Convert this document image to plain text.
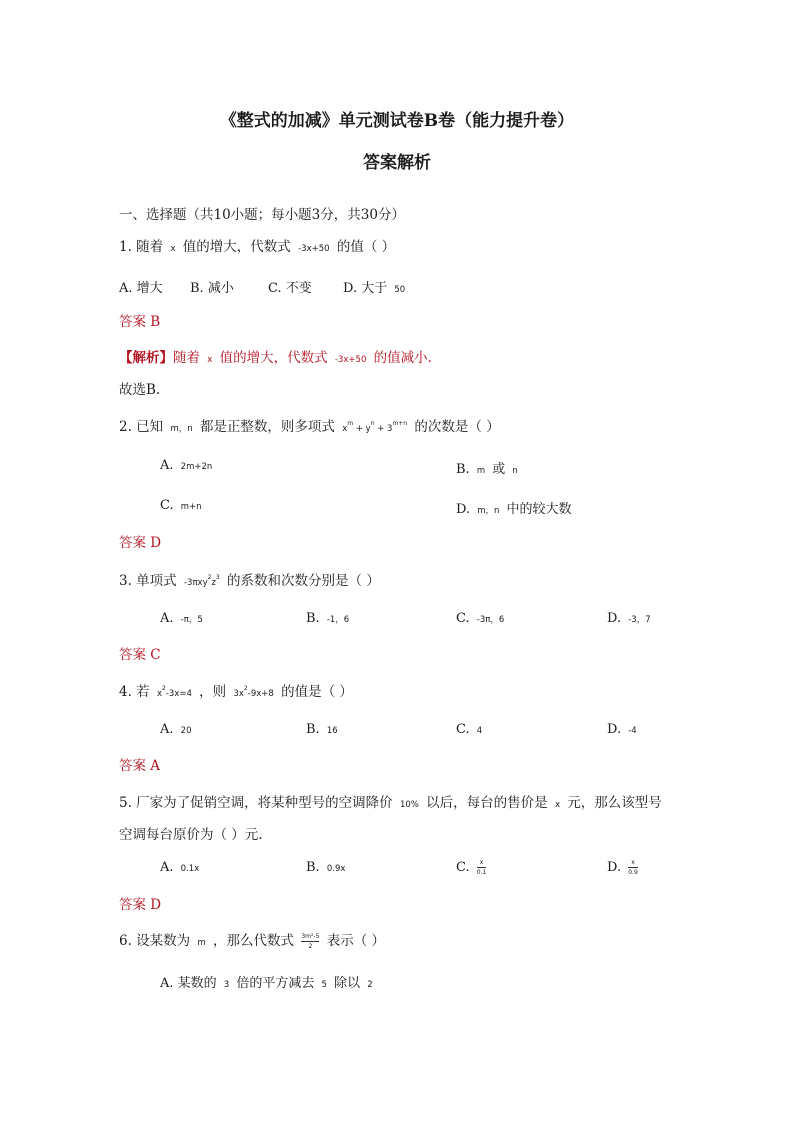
《整式的加减》单元测试卷B卷（能力提升卷）
答案解析
一、选择题（共10小题；每小题3分，共30分）
1. 随着 x 值的增大，代数式 -3x+50 的值（ ）
A. 增大 B. 减小	C. 不变 D. 大于 50
答案 B
【解析】随着 x 值的增大，代数式 -3x+50 的值减小.
故选B.
2. 已知 m，n 都是正整数，则多项式 $x^m + y^n + 3^{m+n}$ 的次数是（ ）
A. 2m+2n	B. m 或 n
C. m+n	D. m，n 中的较大数
答案 D
3. 单项式 $-3\pi xy^2z^3$ 的系数和次数分别是（ ）
A. -π，5	B. -1，6	C. -3π，6	D. -3，7
答案 C
4. 若 $x^2-3x=4$ ，则 $3x^2-9x+8$ 的值是（ ）
A. 20	B. 16	C. 4	D. -4
答案 A
5. 厂家为了促销空调，将某种型号的空调降价 10% 以后，每台的售价是 x 元，那么该型号
空调每台原价为（ ）元.
A. 0.1x	B. 0.9x	C. $\frac{x}{0.1}$	D. $\frac{x}{0.9}$
答案 D
6. 设某数为 m ，那么代数式 $\frac{\text{3m²-5}}{2}$ 表示（ ）
A. 某数的 3 倍的平方减去 5 除以 2
